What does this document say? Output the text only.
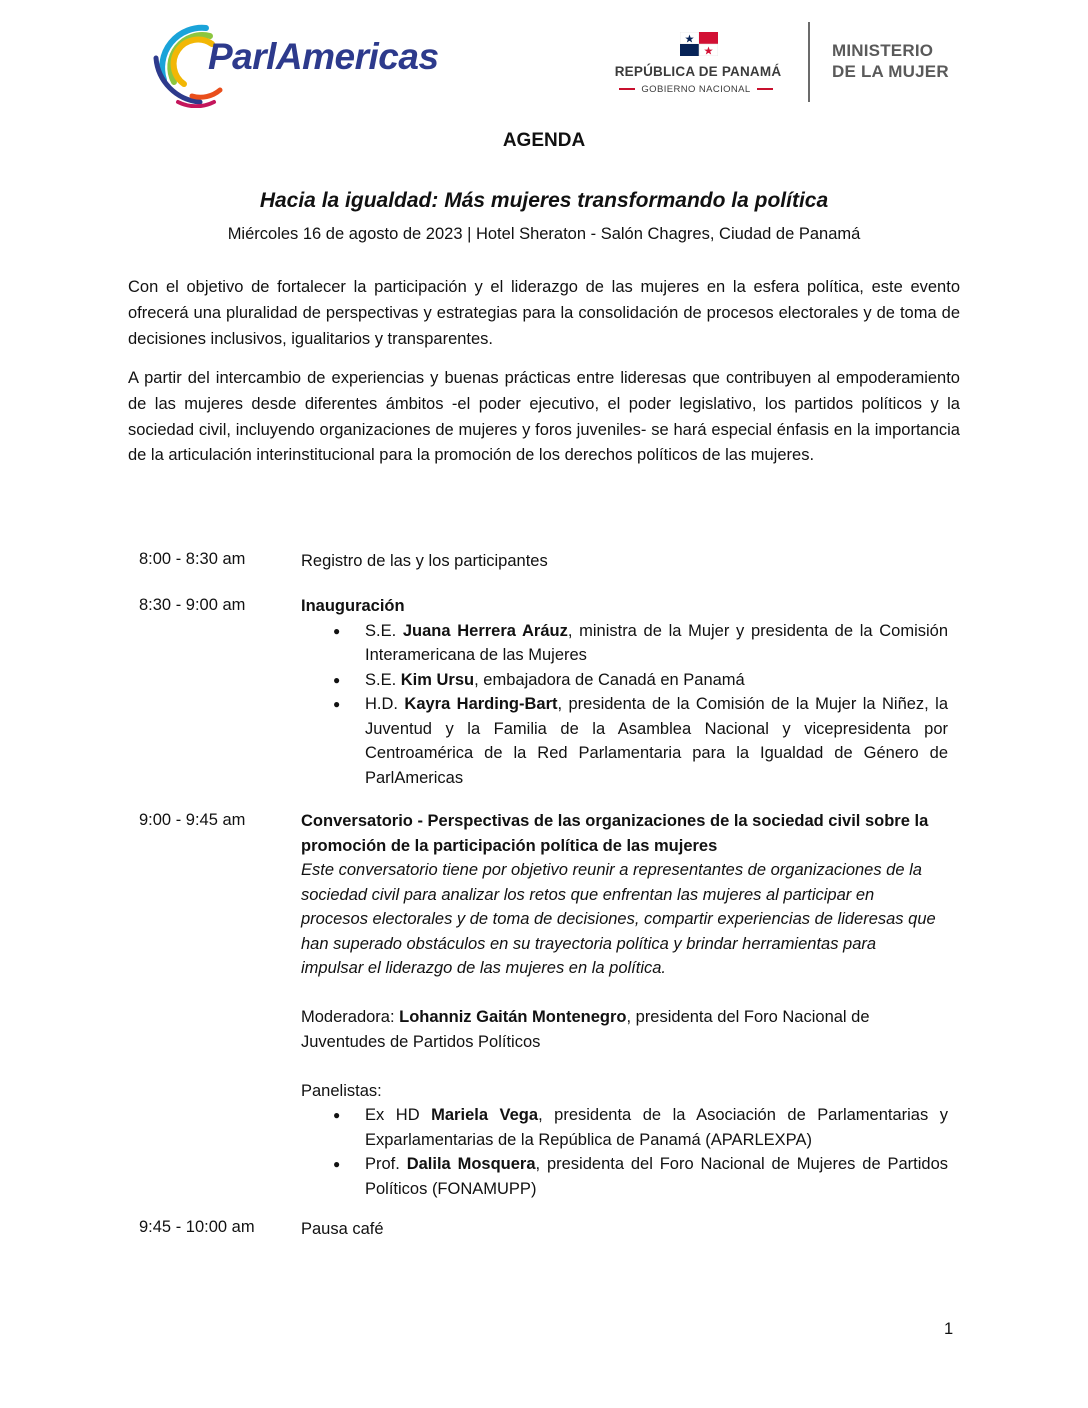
ParlAmericas	REPÚBLICA DE PANAMÁ
GOBIERNO NACIONAL
MINISTERIO
DE LA MUJER
AGENDA
Hacia la igualdad: Más mujeres transformando la política
Miércoles 16 de agosto de 2023 | Hotel Sheraton - Salón Chagres, Ciudad de Panamá
Con el objetivo de fortalecer la participación y el liderazgo de las mujeres en la esfera política, este evento ofrecerá una pluralidad de perspectivas y estrategias para la consolidación de procesos electorales y de toma de decisiones inclusivos, igualitarios y transparentes.
A partir del intercambio de experiencias y buenas prácticas entre lideresas que contribuyen al empoderamiento de las mujeres desde diferentes ámbitos -el poder ejecutivo, el poder legislativo, los partidos políticos y la sociedad civil, incluyendo organizaciones de mujeres y foros juveniles- se hará especial énfasis en la importancia de la articulación interinstitucional para la promoción de los derechos políticos de las mujeres.
8:00 - 8:30 am	Registro de las y los participantes
8:30 - 9:00 am	Inauguración
● S.E. Juana Herrera Aráuz, ministra de la Mujer y presidenta de la Comisión Interamericana de las Mujeres
● S.E. Kim Ursu, embajadora de Canadá en Panamá
● H.D. Kayra Harding-Bart, presidenta de la Comisión de la Mujer la Niñez, la Juventud y la Familia de la Asamblea Nacional y vicepresidenta por Centroamérica de la Red Parlamentaria para la Igualdad de Género de ParlAmericas
9:00 - 9:45 am	Conversatorio - Perspectivas de las organizaciones de la sociedad civil sobre la promoción de la participación política de las mujeres
Este conversatorio tiene por objetivo reunir a representantes de organizaciones de la sociedad civil para analizar los retos que enfrentan las mujeres al participar en procesos electorales y de toma de decisiones, compartir experiencias de lideresas que han superado obstáculos en su trayectoria política y brindar herramientas para impulsar el liderazgo de las mujeres en la política.
Moderadora: Lohanniz Gaitán Montenegro, presidenta del Foro Nacional de Juventudes de Partidos Políticos
Panelistas:
● Ex HD Mariela Vega, presidenta de la Asociación de Parlamentarias y Exparlamentarias de la República de Panamá (APARLEXPA)
● Prof. Dalila Mosquera, presidenta del Foro Nacional de Mujeres de Partidos Políticos (FONAMUPP)
9:45 - 10:00 am	Pausa café
1
